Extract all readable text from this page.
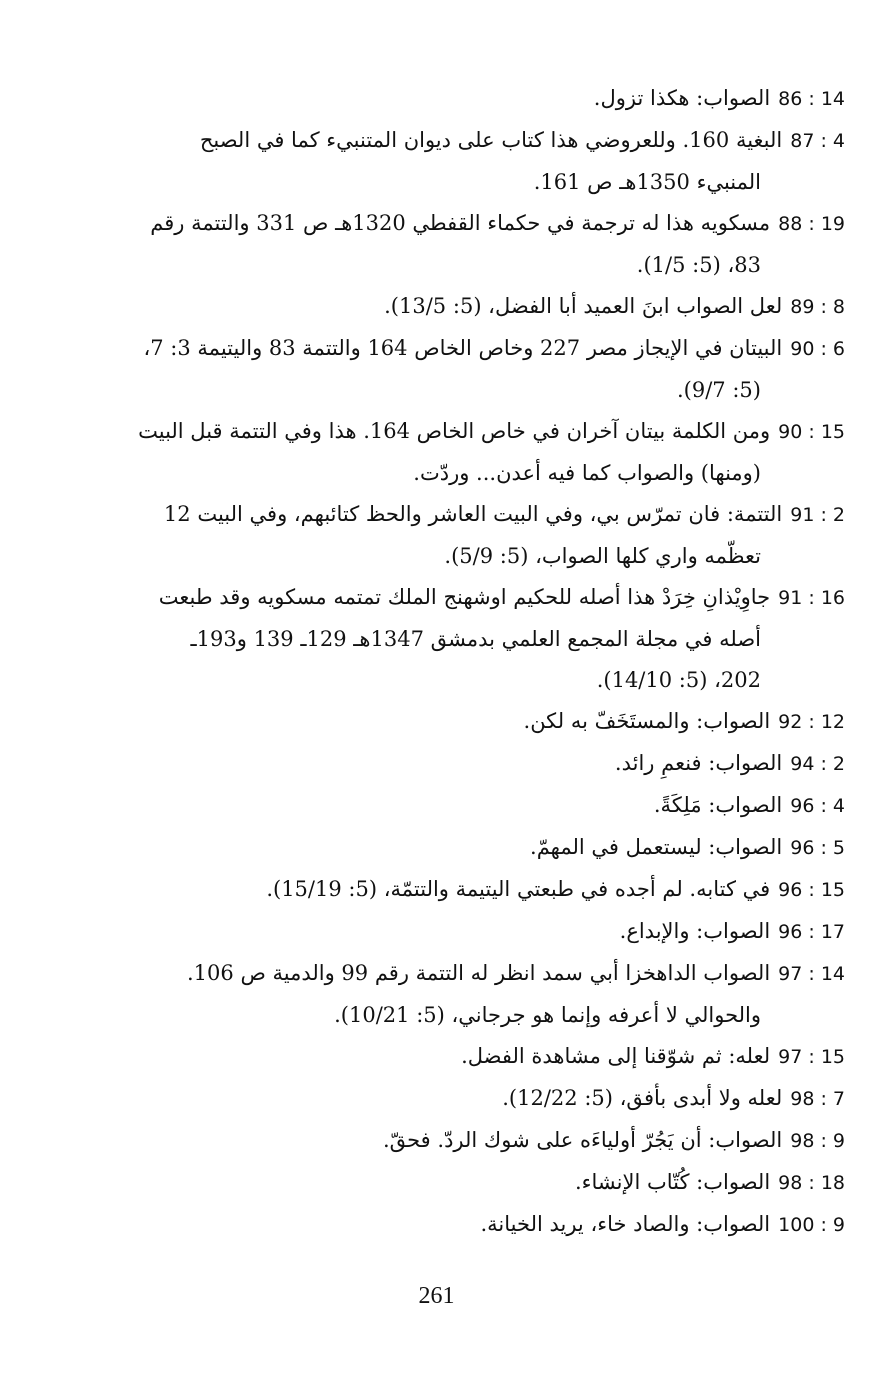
86 : 14الصواب: هكذا تزول.
87 : 4البغية 160. وللعروضي هذا كتاب على ديوان المتنبيء كما في الصبح
المنبيء 1350هـ ص 161.
88 : 19مسكويه هذا له ترجمة في حكماء القفطي 1320هـ ص 331 والتتمة رقم
83، (5: 1/5).
89 : 8لعل الصواب ابنَ العميد أبا الفضل، (5: 13/5).
90 : 6البيتان في الإيجاز مصر 227 وخاص الخاص 164 والتتمة 83 واليتيمة 3: 7،
(5: 9/7).
90 : 15ومن الكلمة بيتان آخران في خاص الخاص 164. هذا وفي التتمة قبل البيت
(ومنها) والصواب كما فيه أعدن... وردّت.
91 : 2التتمة: فان تمرّس بي، وفي البيت العاشر والحظ كتائبهم، وفي البيت 12
تعظّمه واري كلها الصواب، (5: 5/9).
91 : 16جاوِيْذانِ خِرَدْ هذا أصله للحكيم اوشهنج الملك تمتمه مسكويه وقد طبعت
أصله في مجلة المجمع العلمي بدمشق 1347هـ 129ـ 139 و193ـ
202، (5: 14/10).
92 : 12الصواب: والمستَخَفّ به لكن.
94 : 2الصواب: فنعمِ رائد.
96 : 4الصواب: مَلِكَةً.
96 : 5الصواب: ليستعمل في المهمّ.
96 : 15في كتابه. لم أجده في طبعتي اليتيمة والتتمّة، (5: 15/19).
96 : 17الصواب: والإبداع.
97 : 14الصواب الداهخزا أبي سمد انظر له التتمة رقم 99 والدمية ص 106.
والحوالي لا أعرفه وإنما هو جرجاني، (5: 10/21).
97 : 15لعله: ثم شوّقنا إلى مشاهدة الفضل.
98 : 7لعله ولا أبدى بأفق، (5: 12/22).
98 : 9الصواب: أن يَجُرّ أولياءَه على شوك الردّ. فحقّ.
98 : 18الصواب: كُتّاب الإنشاء.
100 : 9الصواب: والصاد خاء، يريد الخيانة.
261
